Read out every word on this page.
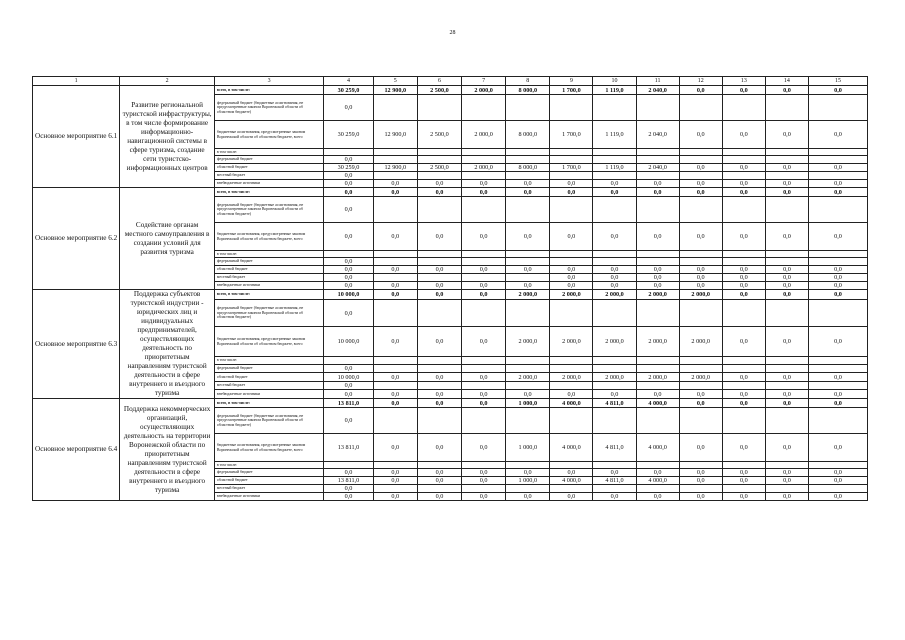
28
1	2	3	4	5	6	7	8	9	10	11	12	13	14	15
Основное мероприятие 6.1	Развитие региональной туристской инфраструктуры, в том числе формирование информационно-навигационной системы в сфере туризма, создание сети туристско-информационных центров	всего, в том числе:	30 259,0	12 900,0	2 500,0	2 000,0	8 000,0	1 700,0	1 119,0	2 040,0	0,0	0,0	0,0	0,0
		федеральный бюджет (бюджетные ассигнования, не предусмотренные законом Воронежской области об областном бюджете)	0,0											
		бюджетные ассигнования, предусмотренные законом Воронежской области об областном бюджете, всего	30 259,0	12 900,0	2 500,0	2 000,0	8 000,0	1 700,0	1 119,0	2 040,0	0,0	0,0	0,0	0,0
		в том числе:												
		федеральный бюджет	0,0											
		областной бюджет	30 259,0	12 900,0	2 500,0	2 000,0	8 000,0	1 700,0	1 119,0	2 040,0	0,0	0,0	0,0	0,0
		местный бюджет	0,0											
		внебюджетные источники	0,0	0,0	0,0	0,0	0,0	0,0	0,0	0,0	0,0	0,0	0,0	0,0
Основное мероприятие 6.2	Содействие органам местного самоуправления в создании условий для развития туризма	всего, в том числе:	0,0	0,0	0,0	0,0	0,0	0,0	0,0	0,0	0,0	0,0	0,0	0,0
		федеральный бюджет (бюджетные ассигнования, не предусмотренные законом Воронежской области об областном бюджете)	0,0											
		бюджетные ассигнования, предусмотренные законом Воронежской области об областном бюджете, всего	0,0	0,0	0,0	0,0	0,0	0,0	0,0	0,0	0,0	0,0	0,0	0,0
		в том числе:												
		федеральный бюджет	0,0											
		областной бюджет	0,0	0,0	0,0	0,0	0,0	0,0	0,0	0,0	0,0	0,0	0,0	0,0
		местный бюджет	0,0					0,0	0,0	0,0	0,0	0,0	0,0	0,0
		внебюджетные источники	0,0	0,0	0,0	0,0	0,0	0,0	0,0	0,0	0,0	0,0	0,0	0,0
Основное мероприятие 6.3	Поддержка субъектов туристской индустрии - юридических лиц и индивидуальных предпринимателей, осуществляющих деятельность по приоритетным направлениям туристской деятельности в сфере внутреннего и въездного туризма	всего, в том числе:	10 000,0	0,0	0,0	0,0	2 000,0	2 000,0	2 000,0	2 000,0	2 000,0	0,0	0,0	0,0
		федеральный бюджет (бюджетные ассигнования, не предусмотренные законом Воронежской области об областном бюджете)	0,0											
		бюджетные ассигнования, предусмотренные законом Воронежской области об областном бюджете, всего	10 000,0	0,0	0,0	0,0	2 000,0	2 000,0	2 000,0	2 000,0	2 000,0	0,0	0,0	0,0
		в том числе:												
		федеральный бюджет	0,0											
		областной бюджет	10 000,0	0,0	0,0	0,0	2 000,0	2 000,0	2 000,0	2 000,0	2 000,0	0,0	0,0	0,0
		местный бюджет	0,0											
		внебюджетные источники	0,0	0,0	0,0	0,0	0,0	0,0	0,0	0,0	0,0	0,0	0,0	0,0
Основное мероприятие 6.4	Поддержка некоммерческих организаций, осуществляющих деятельность на территории Воронежской области по приоритетным направлениям туристской деятельности в сфере внутреннего и въездного туризма	всего, в том числе:	13 811,0	0,0	0,0	0,0	1 000,0	4 000,0	4 811,0	4 000,0	0,0	0,0	0,0	0,0
		федеральный бюджет (бюджетные ассигнования, не предусмотренные законом Воронежской области об областном бюджете)	0,0											
		бюджетные ассигнования, предусмотренные законом Воронежской области об областном бюджете, всего	13 811,0	0,0	0,0	0,0	1 000,0	4 000,0	4 811,0	4 000,0	0,0	0,0	0,0	0,0
		в том числе:												
		федеральный бюджет	0,0	0,0	0,0	0,0	0,0	0,0	0,0	0,0	0,0	0,0	0,0	0,0
		областной бюджет	13 811,0	0,0	0,0	0,0	1 000,0	4 000,0	4 811,0	4 000,0	0,0	0,0	0,0	0,0
		местный бюджет	0,0											
		внебюджетные источники	0,0	0,0	0,0	0,0	0,0	0,0	0,0	0,0	0,0	0,0	0,0	0,0
